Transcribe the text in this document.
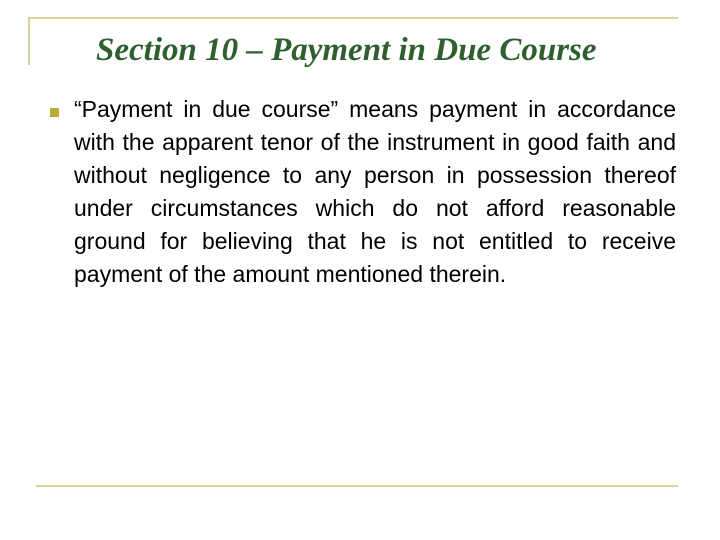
Section 10 – Payment in Due Course
“Payment in due course” means payment in accordance with the apparent tenor of the instrument in good faith and without negligence to any person in possession thereof under circumstances which do not afford reasonable ground for believing that he is not entitled to receive payment of the amount mentioned therein.
